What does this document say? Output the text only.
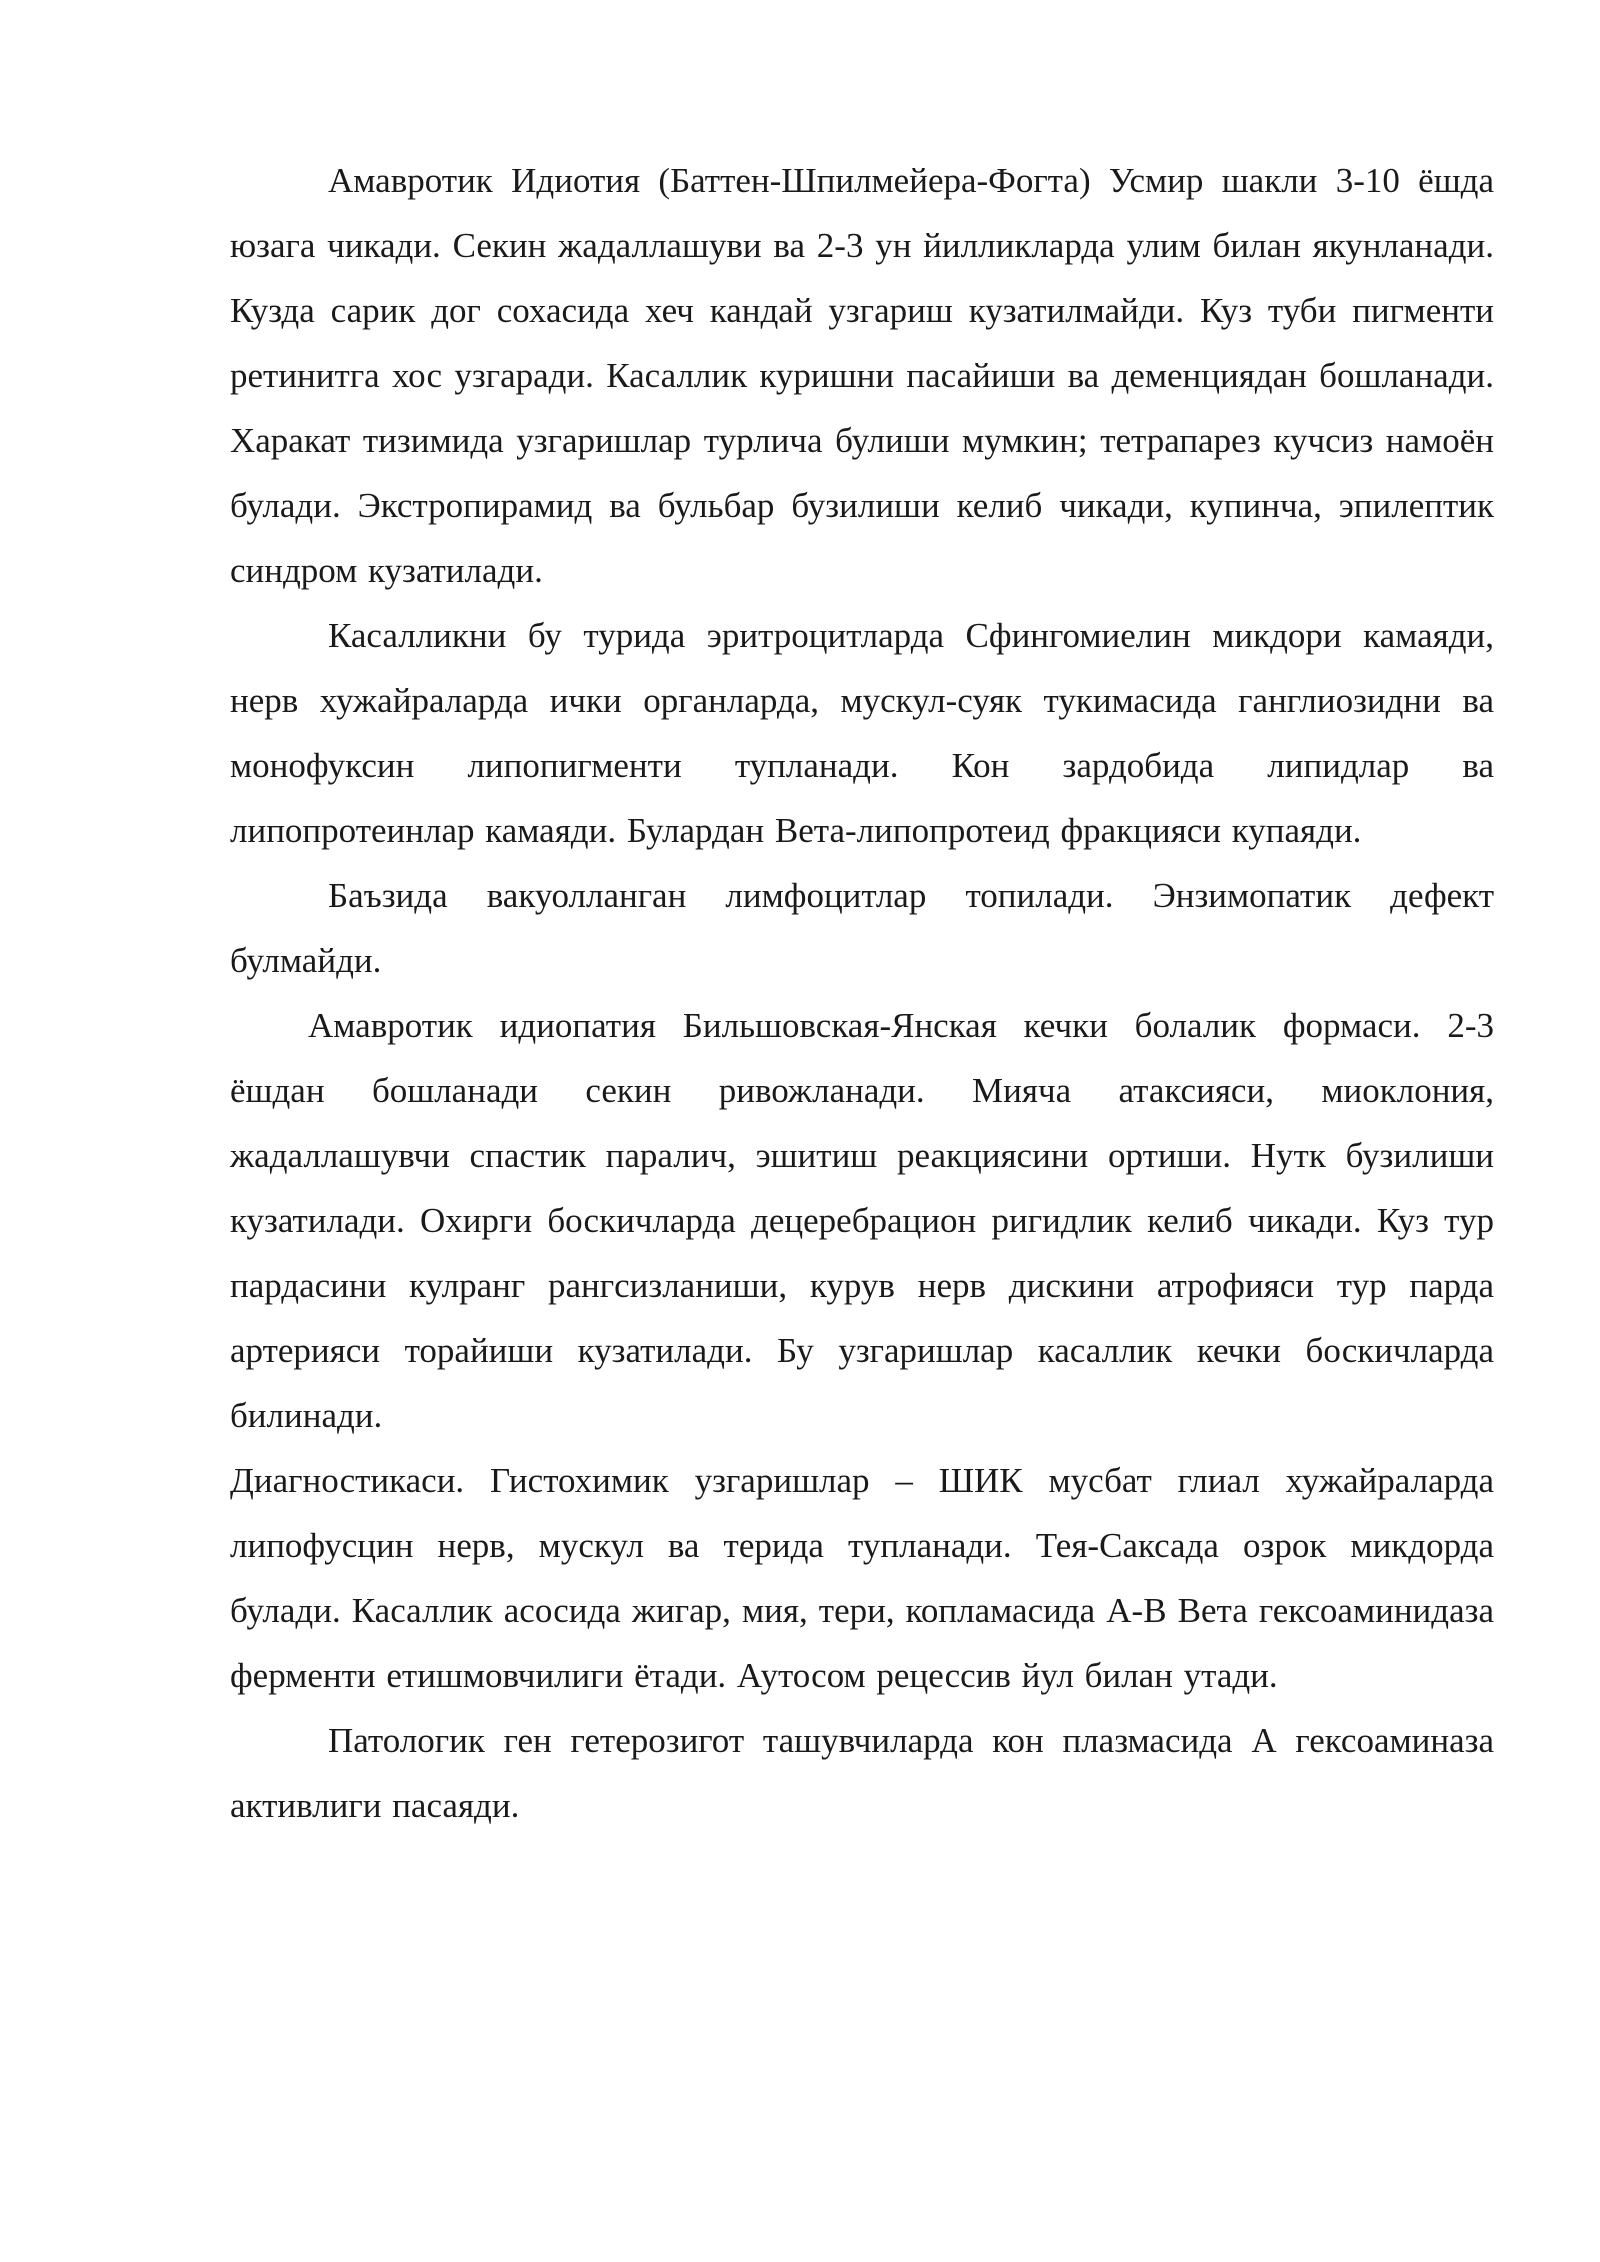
Амавротик Идиотия (Баттен-Шпилмейера-Фогта) Усмир шакли 3-10 ёшда юзага чикади. Секин жадаллашуви ва 2-3 ун йилликларда улим билан якунланади. Кузда сарик дог сохасида хеч кандай узгариш кузатилмайди. Куз туби пигменти ретинитга хос узгаради. Касаллик куришни пасайиши ва деменциядан бошланади. Харакат тизимида узгаришлар турлича булиши мумкин; тетрапарез кучсиз намоён булади. Экстропирамид ва бульбар бузилиши келиб чикади, купинча, эпилептик синдром кузатилади.

Касалликни бу турида эритроцитларда Сфингомиелин микдори камаяди, нерв хужайраларда ички органларда, мускул-суяк тукимасида ганглиозидни ва монофуксин липопигменти тупланади. Кон зардобида липидлар ва липопротеинлар камаяди. Булардан Вета-липопротеид фракцияси купаяди.

Баъзида вакуолланган лимфоцитлар топилади. Энзимопатик дефект булмайди.

Амавротик идиопатия Бильшовская-Янская кечки болалик формаси. 2-3 ёшдан бошланади секин ривожланади. Мияча атаксияси, миоклония, жадаллашувчи спастик паралич, эшитиш реакциясини ортиши. Нутк бузилиши кузатилади. Охирги боскичларда децеребрацион ригидлик келиб чикади. Куз тур пардасини кулранг рангсизланиши, курув нерв дискини атрофияси тур парда артерияси торайиши кузатилади. Бу узгаришлар касаллик кечки боскичларда билинади.

Диагностикаси. Гистохимик узгаришлар – ШИК мусбат глиал хужайраларда липофусцин нерв, мускул ва терида тупланади. Тея-Саксада озрок микдорда булади. Касаллик асосида жигар, мия, тери, копламасида А-В Вета гексоаминидаза ферменти етишмовчилиги ётади. Аутосом рецессив йул билан утади.

Патологик ген гетерозигот ташувчиларда кон плазмасида А гексоаминаза активлиги пасаяди.
